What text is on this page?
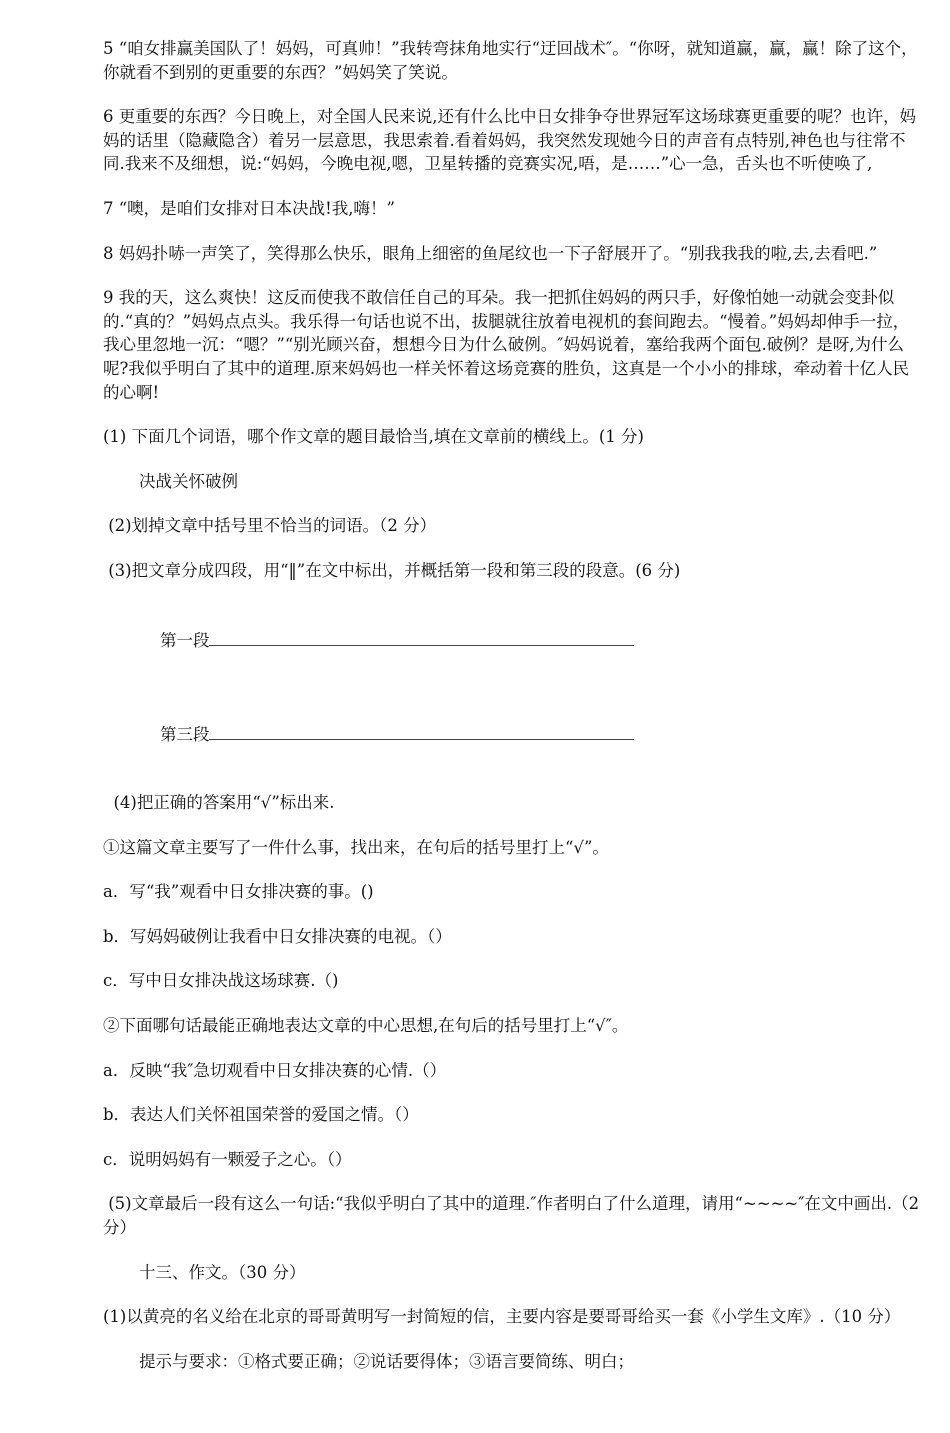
5 “咱女排赢美国队了！妈妈，可真帅！”我转弯抹角地实行“迂回战术″。“你呀，就知道赢，赢，赢！除了这个，你就看不到别的更重要的东西？”妈妈笑了笑说。

6 更重要的东西？今日晚上，对全国人民来说,还有什么比中日女排争夺世界冠军这场球赛更重要的呢？也许，妈妈的话里（隐藏隐含）着另一层意思，我思索着.看着妈妈，我突然发现她今日的声音有点特别,神色也与往常不同.我来不及细想，说:“妈妈，今晚电视,嗯，卫星转播的竞赛实况,唔，是……”心一急，舌头也不听使唤了,

7 “噢，是咱们女排对日本决战!我,嗨！”

8 妈妈扑哧一声笑了，笑得那么快乐，眼角上细密的鱼尾纹也一下子舒展开了。“别我我我的啦,去,去看吧.”

9 我的天，这么爽快！这反而使我不敢信任自己的耳朵。我一把抓住妈妈的两只手，好像怕她一动就会变卦似的.“真的？”妈妈点点头。我乐得一句话也说不出，拔腿就往放着电视机的套间跑去。“慢着。”妈妈却伸手一拉，我心里忽地一沉：“嗯？”“别光顾兴奋，想想今日为什么破例。″妈妈说着，塞给我两个面包.破例？是呀,为什么呢?我似乎明白了其中的道理.原来妈妈也一样关怀着这场竞赛的胜负，这真是一个小小的排球，牵动着十亿人民的心啊!

(1) 下面几个词语，哪个作文章的题目最恰当,填在文章前的横线上。(1 分)

决战关怀破例

(2)划掉文章中括号里不恰当的词语。（2 分）

(3)把文章分成四段，用“‖”在文中标出，并概括第一段和第三段的段意。(6 分)

第一段

第三段

(4)把正确的答案用“√”标出来.

①这篇文章主要写了一件什么事，找出来，在句后的括号里打上“√”。

a．写“我”观看中日女排决赛的事。()

b．写妈妈破例让我看中日女排决赛的电视。（）

c．写中日女排决战这场球赛.（)

②下面哪句话最能正确地表达文章的中心思想,在句后的括号里打上“√″。

a．反映“我″急切观看中日女排决赛的心情.（）

b．表达人们关怀祖国荣誉的爱国之情。（）

c．说明妈妈有一颗爱子之心。（）

(5)文章最后一段有这么一句话:“我似乎明白了其中的道理.″作者明白了什么道理，请用“~~~~″在文中画出.（2 分）

十三、作文。（30 分）

(1)以黄亮的名义给在北京的哥哥黄明写一封简短的信，主要内容是要哥哥给买一套《小学生文库》.（10 分）

提示与要求：①格式要正确；②说话要得体；③语言要简练、明白；
